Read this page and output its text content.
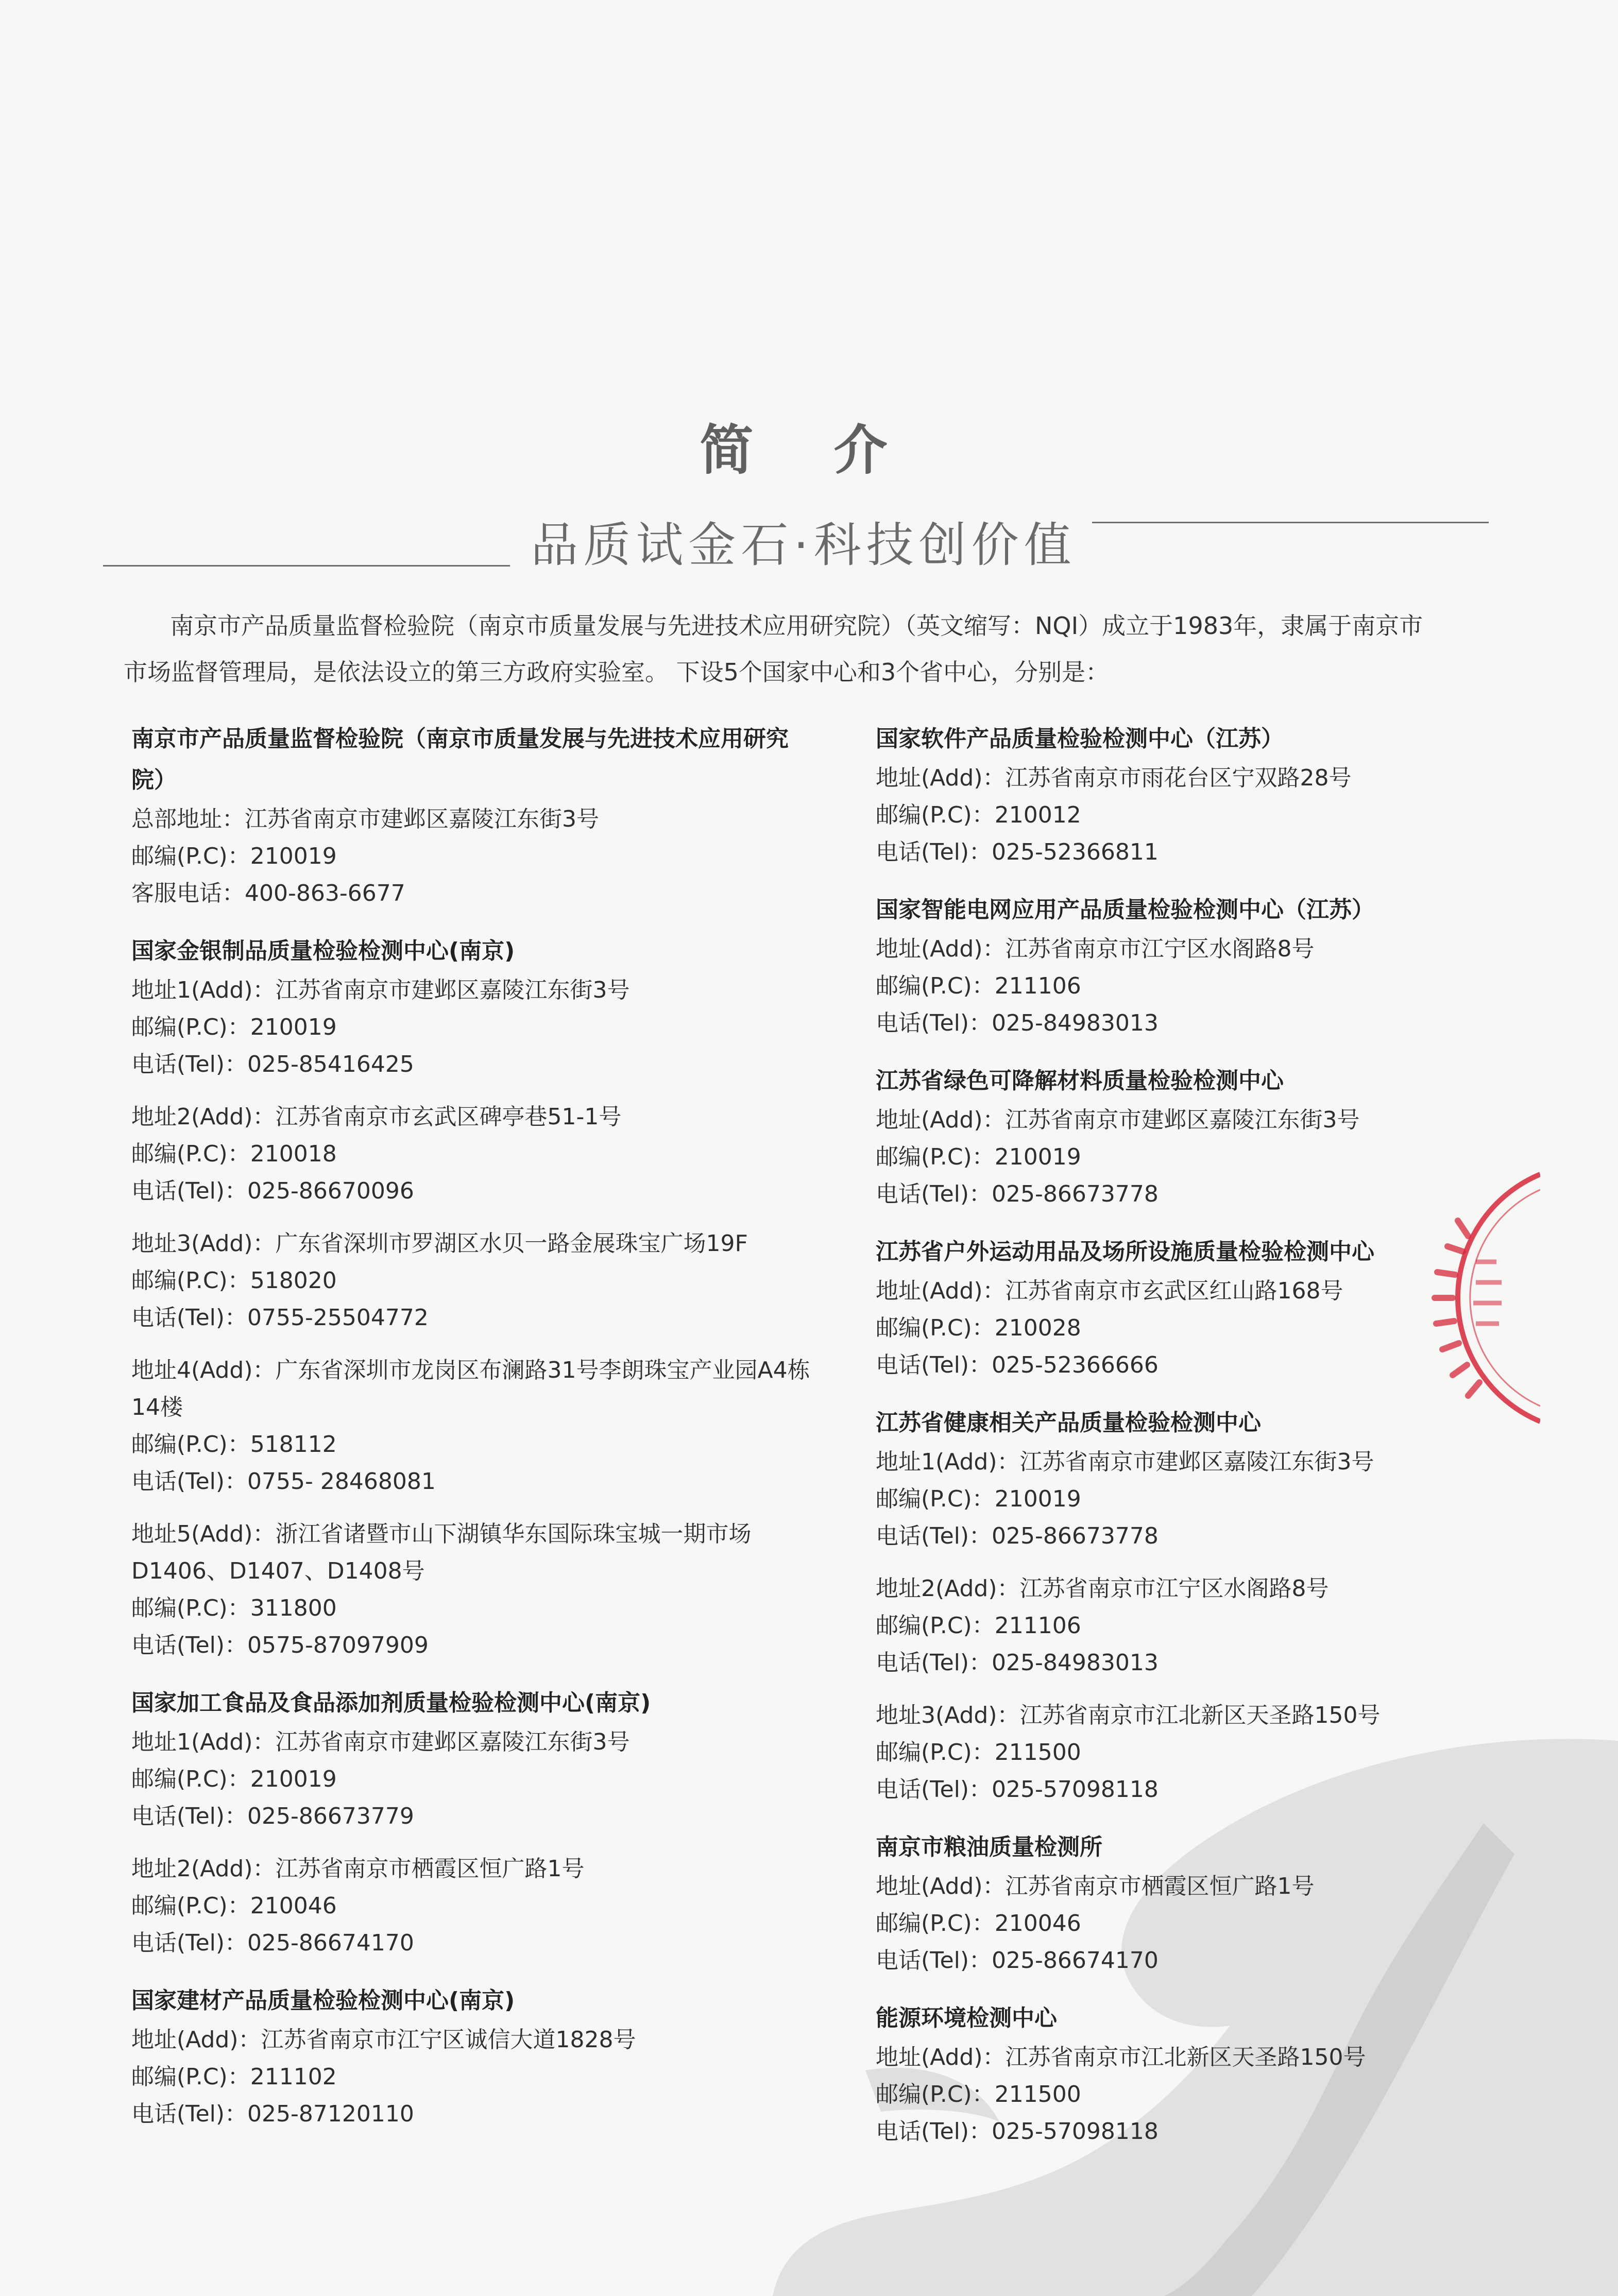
简 介
品质试金石·科技创价值

南京市产品质量监督检验院（南京市质量发展与先进技术应用研究院）（英文缩写：NQI）成立于1983年，隶属于南京市

市场监督管理局，是依法设立的第三方政府实验室。 下设5个国家中心和3个省中心，分别是：

南京市产品质量监督检验院（南京市质量发展与先进技术应用研究院）
总部地址：江苏省南京市建邺区嘉陵江东街3号
邮编(P.C)：210019
客服电话：400-863-6677
国家金银制品质量检验检测中心(南京)
地址1(Add)：江苏省南京市建邺区嘉陵江东街3号
邮编(P.C)：210019
电话(Tel)：025-85416425
地址2(Add)：江苏省南京市玄武区碑亭巷51-1号
邮编(P.C)：210018
电话(Tel)：025-86670096
地址3(Add)：广东省深圳市罗湖区水贝一路金展珠宝广场19F
邮编(P.C)：518020
电话(Tel)：0755-25504772
地址4(Add)：广东省深圳市龙岗区布澜路31号李朗珠宝产业园A4栋14楼
邮编(P.C)：518112
电话(Tel)：0755- 28468081
地址5(Add)：浙江省诸暨市山下湖镇华东国际珠宝城一期市场D1406、D1407、D1408号
邮编(P.C)：311800
电话(Tel)：0575-87097909
国家加工食品及食品添加剂质量检验检测中心(南京)
地址1(Add)：江苏省南京市建邺区嘉陵江东街3号
邮编(P.C)：210019
电话(Tel)：025-86673779
地址2(Add)：江苏省南京市栖霞区恒广路1号
邮编(P.C)：210046
电话(Tel)：025-86674170
国家建材产品质量检验检测中心(南京)
地址(Add)：江苏省南京市江宁区诚信大道1828号
邮编(P.C)：211102
电话(Tel)：025-87120110
国家软件产品质量检验检测中心（江苏）
地址(Add)：江苏省南京市雨花台区宁双路28号
邮编(P.C)：210012
电话(Tel)：025-52366811
国家智能电网应用产品质量检验检测中心（江苏）
地址(Add)：江苏省南京市江宁区水阁路8号
邮编(P.C)：211106
电话(Tel)：025-84983013
江苏省绿色可降解材料质量检验检测中心
地址(Add)：江苏省南京市建邺区嘉陵江东街3号
邮编(P.C)：210019
电话(Tel)：025-86673778
江苏省户外运动用品及场所设施质量检验检测中心
地址(Add)：江苏省南京市玄武区红山路168号
邮编(P.C)：210028
电话(Tel)：025-52366666
江苏省健康相关产品质量检验检测中心
地址1(Add)：江苏省南京市建邺区嘉陵江东街3号
邮编(P.C)：210019
电话(Tel)：025-86673778
地址2(Add)：江苏省南京市江宁区水阁路8号
邮编(P.C)：211106
电话(Tel)：025-84983013
地址3(Add)：江苏省南京市江北新区天圣路150号
邮编(P.C)：211500
电话(Tel)：025-57098118
南京市粮油质量检测所
地址(Add)：江苏省南京市栖霞区恒广路1号
邮编(P.C)：210046
电话(Tel)：025-86674170
能源环境检测中心
地址(Add)：江苏省南京市江北新区天圣路150号
邮编(P.C)：211500
电话(Tel)：025-57098118
